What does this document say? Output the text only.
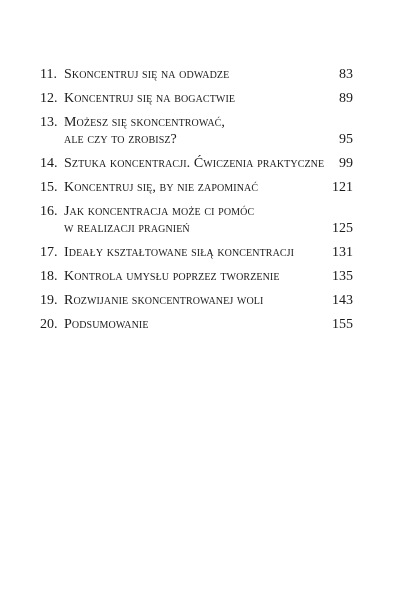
11. Skoncentruj się na odwadze	83
12. Koncentruj się na bogactwie	89
13. Możesz się skoncentrować,
ale czy to zrobisz?	95
14. Sztuka koncentracji. Ćwiczenia praktyczne	99
15. Koncentruj się, by nie zapominać	121
16. Jak koncentracja może ci pomóc
w realizacji pragnień	125
17. Ideały kształtowane siłą koncentracji	131
18. Kontrola umysłu poprzez tworzenie	135
19. Rozwijanie skoncentrowanej woli	143
20. Podsumowanie	155
